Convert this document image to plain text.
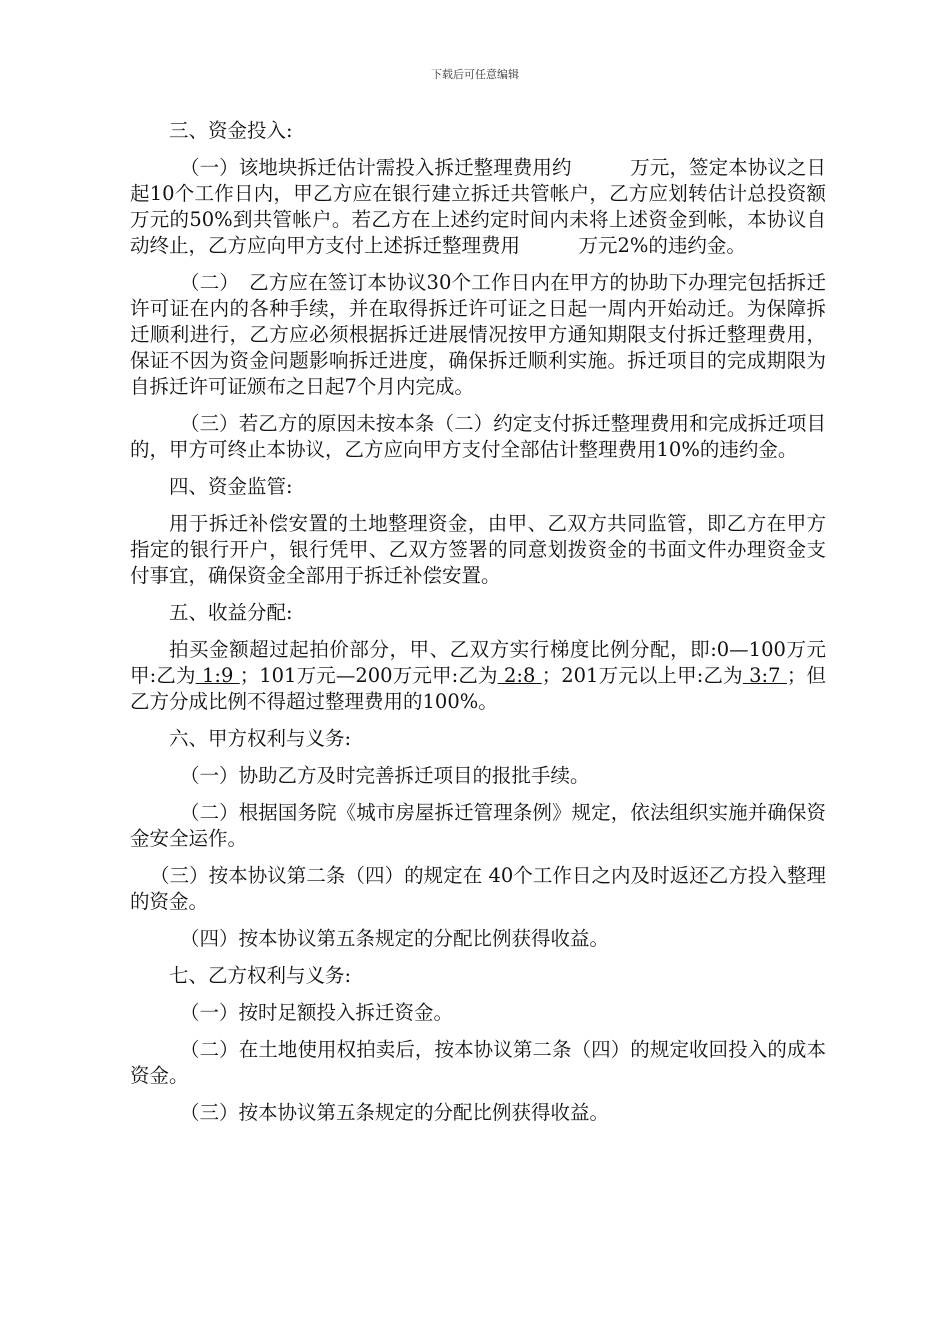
下载后可任意编辑

三、资金投入:

（一）该地块拆迁估计需投入拆迁整理费用约　　　万元，签定本协议之日起10个工作日内，甲乙方应在银行建立拆迁共管帐户，乙方应划转估计总投资额　　　万元的50%到共管帐户。若乙方在上述约定时间内未将上述资金到帐，本协议自动终止，乙方应向甲方支付上述拆迁整理费用　　　万元2%的违约金。

（二）　乙方应在签订本协议30个工作日内在甲方的协助下办理完包括拆迁许可证在内的各种手续，并在取得拆迁许可证之日起一周内开始动迁。为保障拆迁顺利进行，乙方应必须根据拆迁进展情况按甲方通知期限支付拆迁整理费用，保证不因为资金问题影响拆迁进度，确保拆迁顺利实施。拆迁项目的完成期限为自拆迁许可证颁布之日起7个月内完成。

（三）若乙方的原因未按本条（二）约定支付拆迁整理费用和完成拆迁项目的，甲方可终止本协议，乙方应向甲方支付全部估计整理费用10%的违约金。

四、资金监管:

用于拆迁补偿安置的土地整理资金，由甲、乙双方共同监管，即乙方在甲方指定的银行开户，银行凭甲、乙双方签署的同意划拨资金的书面文件办理资金支付事宜，确保资金全部用于拆迁补偿安置。

五、收益分配:

拍买金额超过起拍价部分，甲、乙双方实行梯度比例分配，即:0—100万元甲:乙为 1:9 ；101万元—200万元甲:乙为 2:8 ；201万元以上甲:乙为 3:7 ；但乙方分成比例不得超过整理费用的100%。

六、甲方权利与义务:

（一）协助乙方及时完善拆迁项目的报批手续。

（二）根据国务院《城市房屋拆迁管理条例》规定，依法组织实施并确保资金安全运作。

（三）按本协议第二条（四）的规定在 40个工作日之内及时返还乙方投入整理的资金。

（四）按本协议第五条规定的分配比例获得收益。

七、乙方权利与义务:

（一）按时足额投入拆迁资金。

（二）在土地使用权拍卖后，按本协议第二条（四）的规定收回投入的成本资金。

（三）按本协议第五条规定的分配比例获得收益。
